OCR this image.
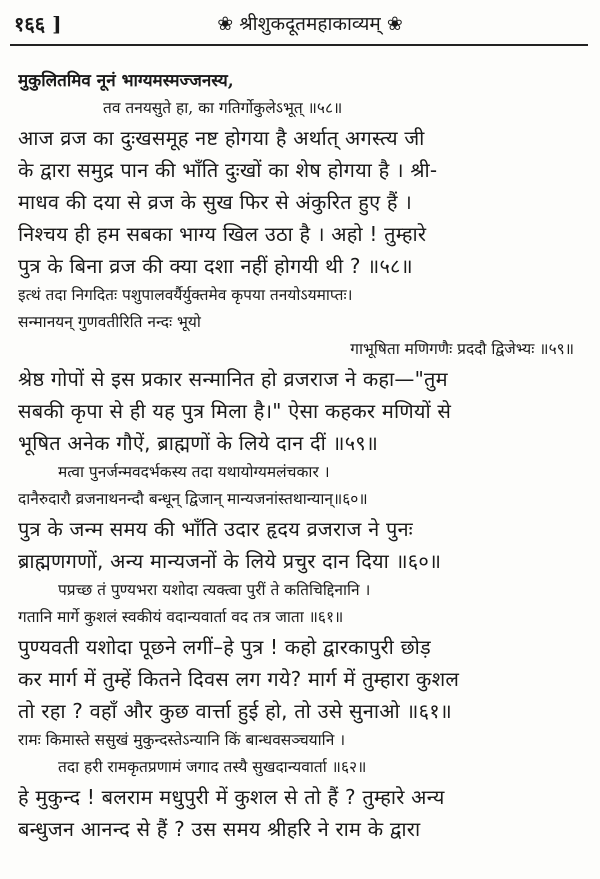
१६६ ]	❀ श्रीशुकदूतमहाकाव्यम् ❀
मुकुलितमिव नूनं भाग्यमस्मज्जनस्य,
तव तनयसुते हा, का गतिर्गोकुलेऽभूत् ॥५८॥
आज व्रज का दुःखसमूह नष्ट होगया है अर्थात् अगस्त्य जी
के द्वारा समुद्र पान की भाँति दुःखों का शेष होगया है । श्री-
माधव की दया से व्रज के सुख फिर से अंकुरित हुए हैं ।
निश्चय ही हम सबका भाग्य खिल उठा है । अहो ! तुम्हारे
पुत्र के बिना व्रज की क्या दशा नहीं होगयी थी ? ॥५८॥
इत्थं तदा निगदितः पशुपालवर्यैर्युक्तमेव कृपया तनयोऽयमाप्तः।
सन्मानयन् गुणवतीरिति नन्दः भूयो
गाभूषिता मणिगणैः प्रददौ द्विजेभ्यः ॥५९॥
श्रेष्ठ गोपों से इस प्रकार सन्मानित हो व्रजराज ने कहा—"तुम
सबकी कृपा से ही यह पुत्र मिला है।" ऐसा कहकर मणियों से
भूषित अनेक गौऐं, ब्राह्मणों के लिये दान दीं ॥५९॥
मत्वा पुनर्जन्मवदर्भकस्य तदा यथायोग्यमलंचकार ।
दानैरुदारौ व्रजनाथनन्दौ बन्धून् द्विजान् मान्यजनांस्तथान्यान्॥६०॥
पुत्र के जन्म समय की भाँति उदार हृदय व्रजराज ने पुनः
ब्राह्मणगणों, अन्य मान्यजनों के लिये प्रचुर दान दिया ॥६०॥
पप्रच्छ तं पुण्यभरा यशोदा त्यक्त्वा पुरीं ते कतिचिद्दिनानि ।
गतानि मार्गे कुशलं स्वकीयं वदान्यवार्ता वद तत्र जाता ॥६१॥
पुण्यवती यशोदा पूछने लगीं–हे पुत्र ! कहो द्वारकापुरी छोड़
कर मार्ग में तुम्हें कितने दिवस लग गये? मार्ग में तुम्हारा कुशल
तो रहा ? वहाँ और कुछ वार्त्ता हुई हो, तो उसे सुनाओ ॥६१॥
रामः किमास्ते ससुखं मुकुन्दस्तेऽन्यानि किं बान्धवसञ्चयानि ।
तदा हरी रामकृतप्रणामं जगाद तस्यै सुखदान्यवार्ता ॥६२॥
हे मुकुन्द ! बलराम मधुपुरी में कुशल से तो हैं ? तुम्हारे अन्य
बन्धुजन आनन्द से हैं ? उस समय श्रीहरि ने राम के द्वारा
